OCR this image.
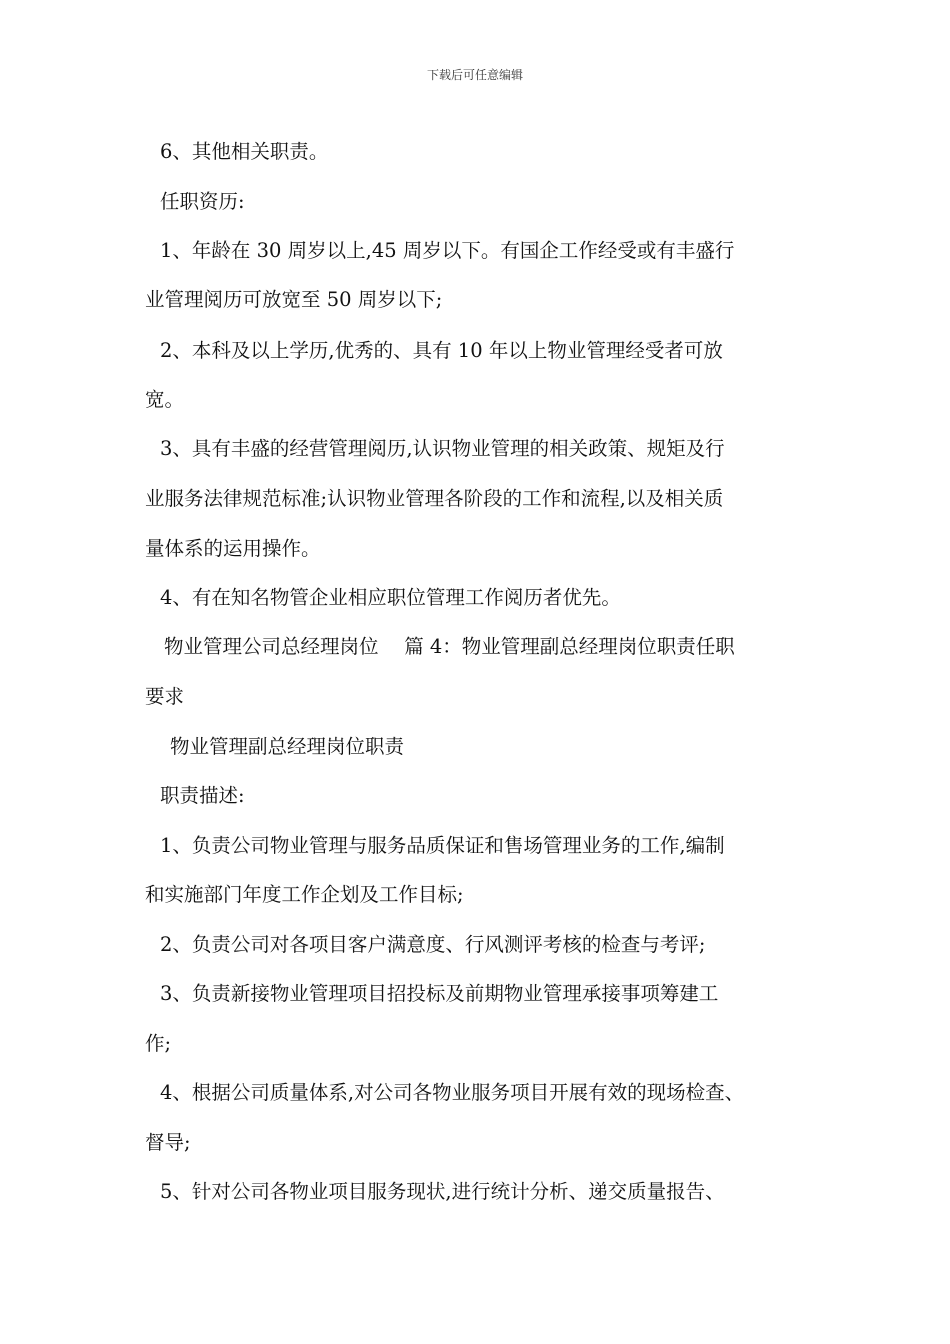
下载后可任意编辑
6、其他相关职责。
任职资历:
1、年龄在 30 周岁以上,45 周岁以下。有国企工作经受或有丰盛行
业管理阅历可放宽至 50 周岁以下;
2、本科及以上学历,优秀的、具有 10 年以上物业管理经受者可放
宽。
3、具有丰盛的经营管理阅历,认识物业管理的相关政策、规矩及行
业服务法律规范标准;认识物业管理各阶段的工作和流程,以及相关质
量体系的运用操作。
4、有在知名物管企业相应职位管理工作阅历者优先。
物业管理公司总经理岗位　 篇 4：物业管理副总经理岗位职责任职
要求
物业管理副总经理岗位职责
职责描述:
1、负责公司物业管理与服务品质保证和售场管理业务的工作,编制
和实施部门年度工作企划及工作目标;
2、负责公司对各项目客户满意度、行风测评考核的检查与考评;
3、负责新接物业管理项目招投标及前期物业管理承接事项筹建工
作;
4、根据公司质量体系,对公司各物业服务项目开展有效的现场检查、
督导;
5、针对公司各物业项目服务现状,进行统计分析、递交质量报告、
